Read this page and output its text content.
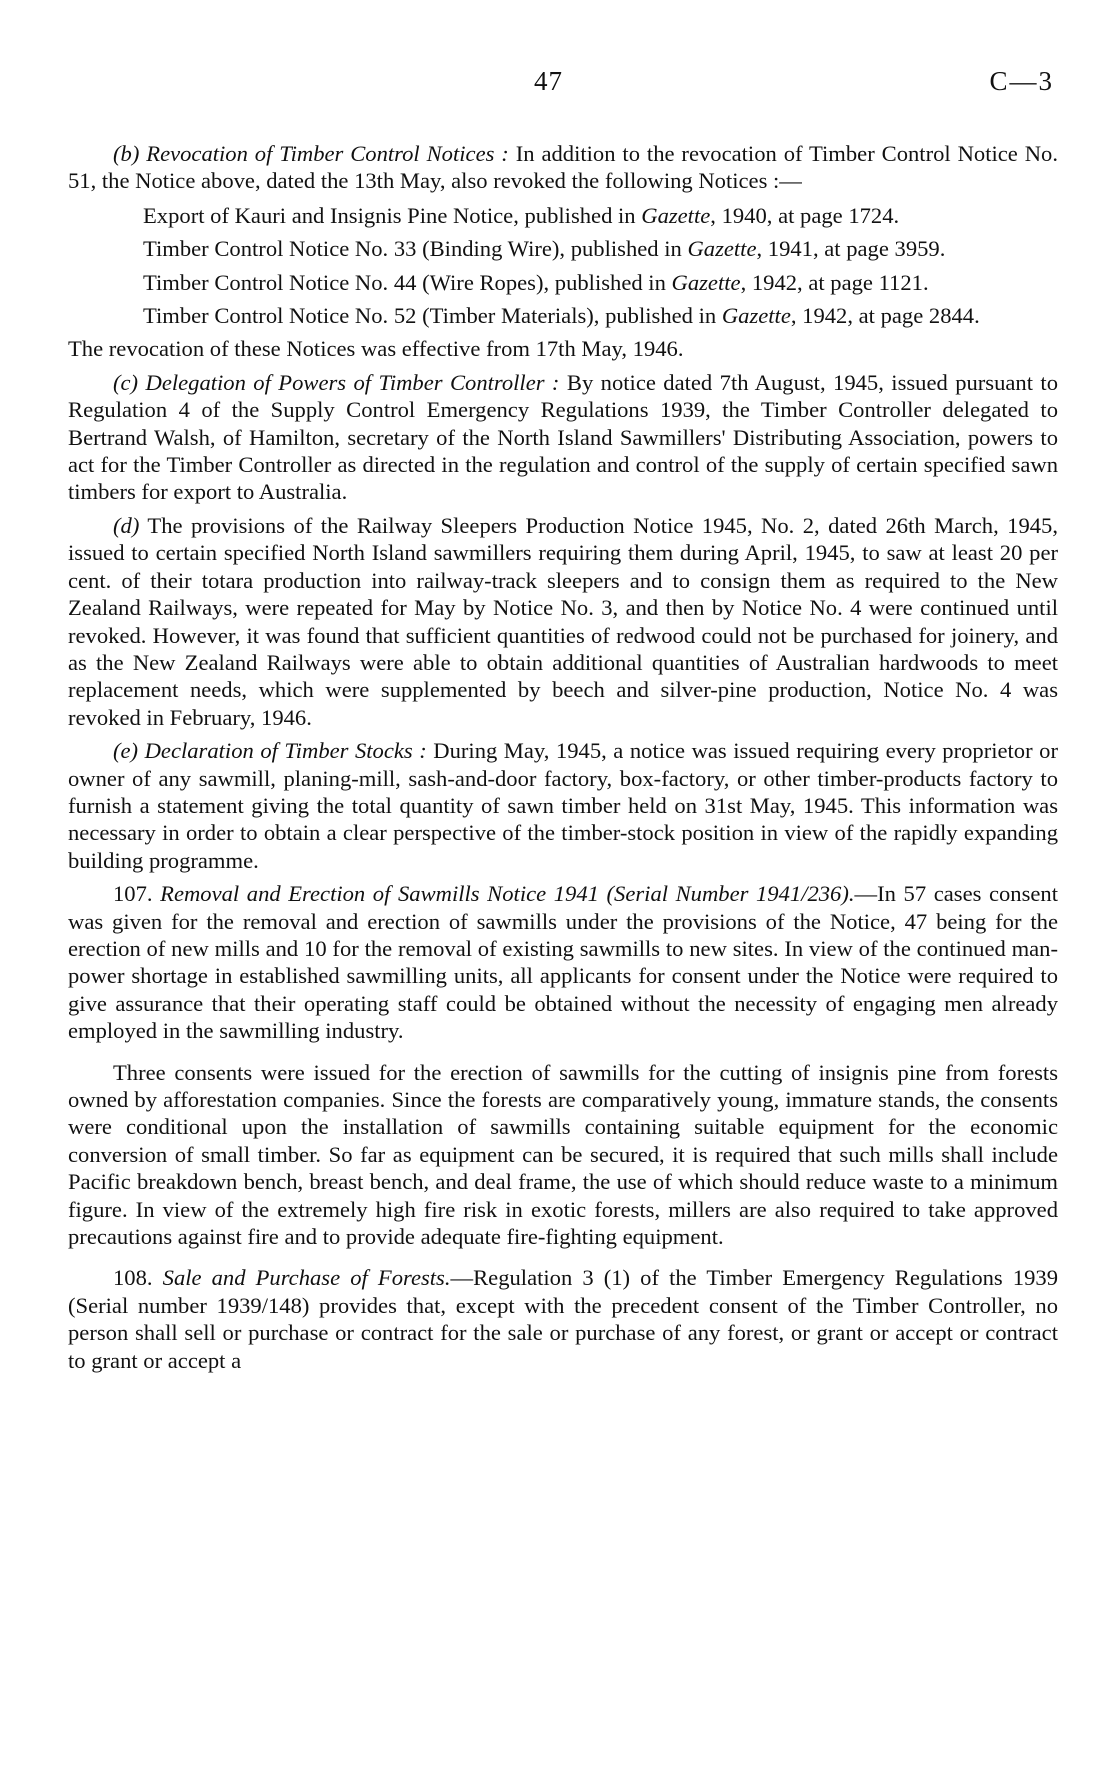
47	C—3

(b) Revocation of Timber Control Notices : In addition to the revocation of Timber Control Notice No. 51, the Notice above, dated the 13th May, also revoked the following Notices :—

Export of Kauri and Insignis Pine Notice, published in Gazette, 1940, at page 1724.

Timber Control Notice No. 33 (Binding Wire), published in Gazette, 1941, at page 3959.

Timber Control Notice No. 44 (Wire Ropes), published in Gazette, 1942, at page 1121.

Timber Control Notice No. 52 (Timber Materials), published in Gazette, 1942, at page 2844.

The revocation of these Notices was effective from 17th May, 1946.

(c) Delegation of Powers of Timber Controller : By notice dated 7th August, 1945, issued pursuant to Regulation 4 of the Supply Control Emergency Regulations 1939, the Timber Controller delegated to Bertrand Walsh, of Hamilton, secretary of the North Island Sawmillers' Distributing Association, powers to act for the Timber Controller as directed in the regulation and control of the supply of certain specified sawn timbers for export to Australia.

(d) The provisions of the Railway Sleepers Production Notice 1945, No. 2, dated 26th March, 1945, issued to certain specified North Island sawmillers requiring them during April, 1945, to saw at least 20 per cent. of their totara production into railway-track sleepers and to consign them as required to the New Zealand Railways, were repeated for May by Notice No. 3, and then by Notice No. 4 were continued until revoked. However, it was found that sufficient quantities of redwood could not be purchased for joinery, and as the New Zealand Railways were able to obtain additional quantities of Australian hardwoods to meet replacement needs, which were supplemented by beech and silver-pine production, Notice No. 4 was revoked in February, 1946.

(e) Declaration of Timber Stocks : During May, 1945, a notice was issued requiring every proprietor or owner of any sawmill, planing-mill, sash-and-door factory, box-factory, or other timber-products factory to furnish a statement giving the total quantity of sawn timber held on 31st May, 1945. This information was necessary in order to obtain a clear perspective of the timber-stock position in view of the rapidly expanding building programme.

107. Removal and Erection of Sawmills Notice 1941 (Serial Number 1941/236).—In 57 cases consent was given for the removal and erection of sawmills under the provisions of the Notice, 47 being for the erection of new mills and 10 for the removal of existing sawmills to new sites. In view of the continued man-power shortage in established sawmilling units, all applicants for consent under the Notice were required to give assurance that their operating staff could be obtained without the necessity of engaging men already employed in the sawmilling industry.

Three consents were issued for the erection of sawmills for the cutting of insignis pine from forests owned by afforestation companies. Since the forests are comparatively young, immature stands, the consents were conditional upon the installation of sawmills containing suitable equipment for the economic conversion of small timber. So far as equipment can be secured, it is required that such mills shall include Pacific breakdown bench, breast bench, and deal frame, the use of which should reduce waste to a minimum figure. In view of the extremely high fire risk in exotic forests, millers are also required to take approved precautions against fire and to provide adequate fire-fighting equipment.

108. Sale and Purchase of Forests.—Regulation 3 (1) of the Timber Emergency Regulations 1939 (Serial number 1939/148) provides that, except with the precedent consent of the Timber Controller, no person shall sell or purchase or contract for the sale or purchase of any forest, or grant or accept or contract to grant or accept a
